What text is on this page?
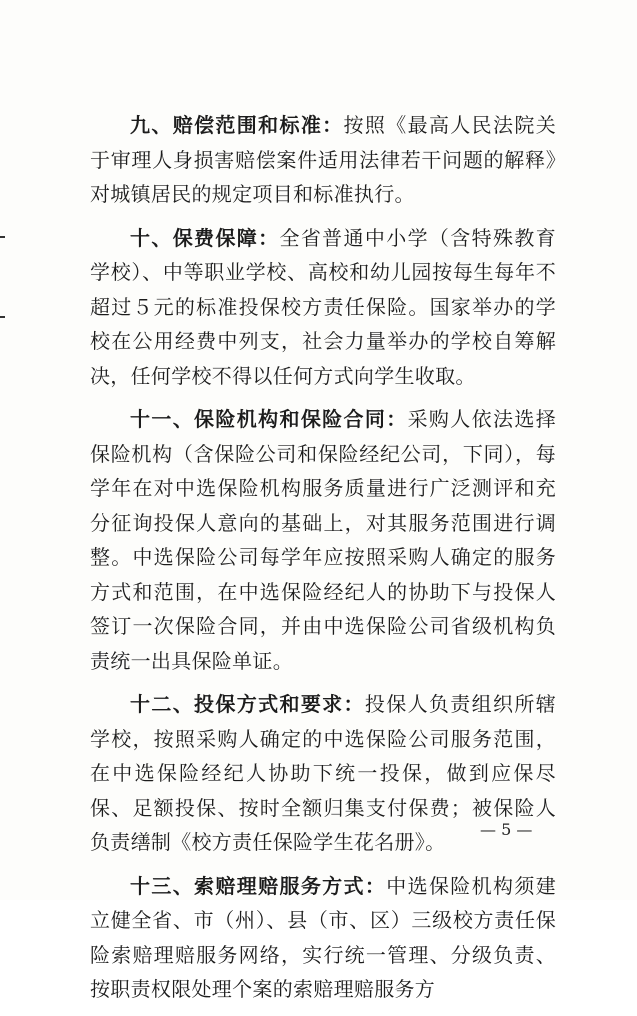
九、赔偿范围和标准：按照《最高人民法院关于审理人身损害赔偿案件适用法律若干问题的解释》对城镇居民的规定项目和标准执行。

十、保费保障：全省普通中小学（含特殊教育学校）、中等职业学校、高校和幼儿园按每生每年不超过５元的标准投保校方责任保险。国家举办的学校在公用经费中列支，社会力量举办的学校自筹解决，任何学校不得以任何方式向学生收取。

十一、保险机构和保险合同：采购人依法选择保险机构（含保险公司和保险经纪公司，下同），每学年在对中选保险机构服务质量进行广泛测评和充分征询投保人意向的基础上，对其服务范围进行调整。中选保险公司每学年应按照采购人确定的服务方式和范围，在中选保险经纪人的协助下与投保人签订一次保险合同，并由中选保险公司省级机构负责统一出具保险单证。

十二、投保方式和要求：投保人负责组织所辖学校，按照采购人确定的中选保险公司服务范围，在中选保险经纪人协助下统一投保，做到应保尽保、足额投保、按时全额归集支付保费；被保险人负责缮制《校方责任保险学生花名册》。

十三、索赔理赔服务方式：中选保险机构须建立健全省、市（州）、县（市、区）三级校方责任保险索赔理赔服务网络，实行统一管理、分级负责、按职责权限处理个案的索赔理赔服务方

— 5 —
